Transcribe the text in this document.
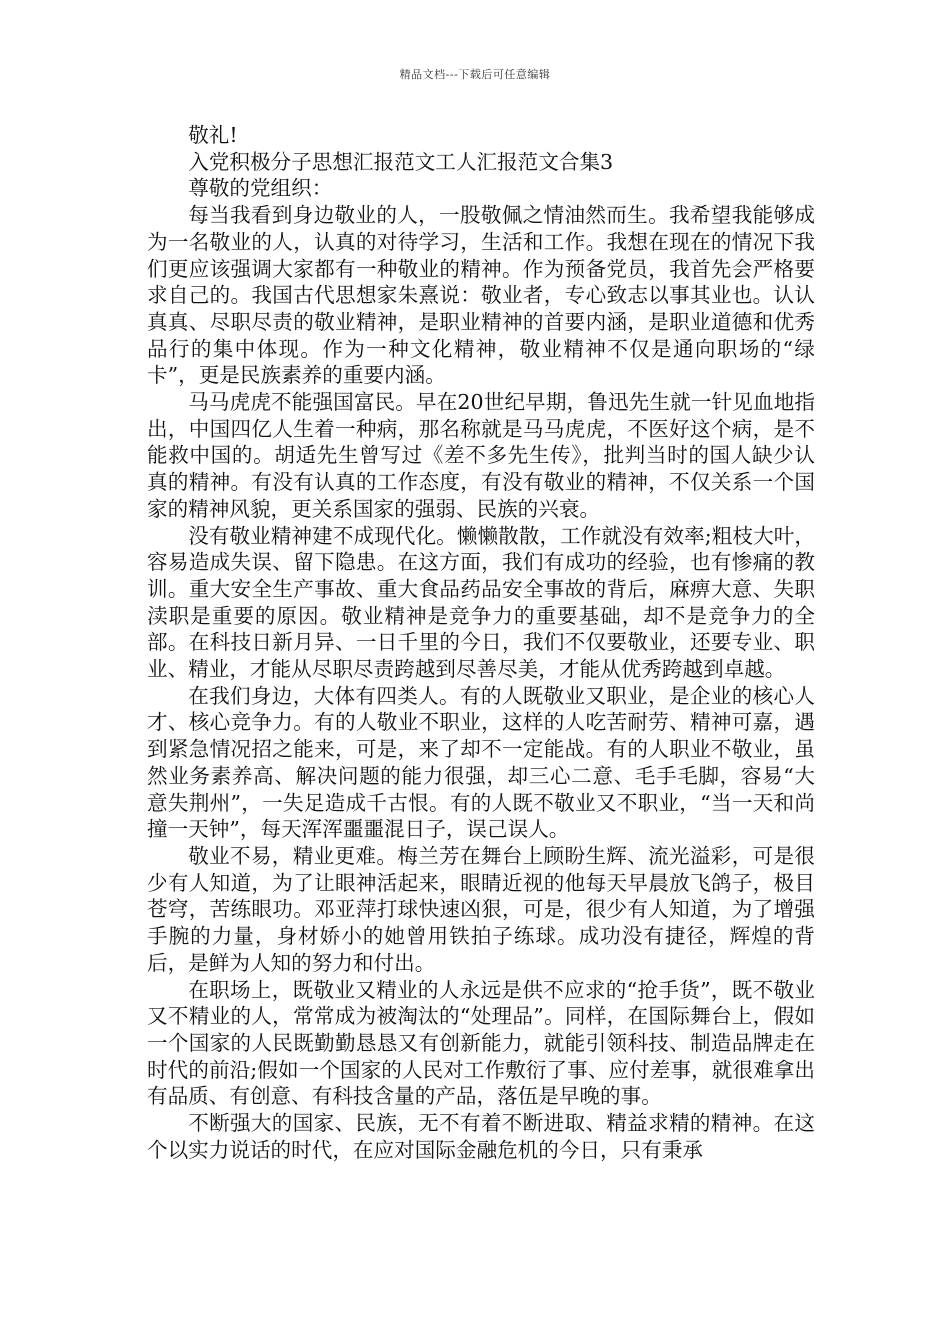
精品文档---下载后可任意编辑

敬礼!

入党积极分子思想汇报范文工人汇报范文合集3

尊敬的党组织：

每当我看到身边敬业的人，一股敬佩之情油然而生。我希望我能够成为一名敬业的人，认真的对待学习，生活和工作。我想在现在的情况下我们更应该强调大家都有一种敬业的精神。作为预备党员，我首先会严格要求自己的。我国古代思想家朱熹说：敬业者，专心致志以事其业也。认认真真、尽职尽责的敬业精神，是职业精神的首要内涵，是职业道德和优秀品行的集中体现。作为一种文化精神，敬业精神不仅是通向职场的“绿卡”，更是民族素养的重要内涵。

马马虎虎不能强国富民。早在20世纪早期，鲁迅先生就一针见血地指出，中国四亿人生着一种病，那名称就是马马虎虎，不医好这个病，是不能救中国的。胡适先生曾写过《差不多先生传》，批判当时的国人缺少认真的精神。有没有认真的工作态度，有没有敬业的精神，不仅关系一个国家的精神风貌，更关系国家的强弱、民族的兴衰。

没有敬业精神建不成现代化。懒懒散散，工作就没有效率;粗枝大叶，容易造成失误、留下隐患。在这方面，我们有成功的经验，也有惨痛的教训。重大安全生产事故、重大食品药品安全事故的背后，麻痹大意、失职渎职是重要的原因。敬业精神是竞争力的重要基础，却不是竞争力的全部。在科技日新月异、一日千里的今日，我们不仅要敬业，还要专业、职业、精业，才能从尽职尽责跨越到尽善尽美，才能从优秀跨越到卓越。

在我们身边，大体有四类人。有的人既敬业又职业，是企业的核心人才、核心竞争力。有的人敬业不职业，这样的人吃苦耐劳、精神可嘉，遇到紧急情况招之能来，可是，来了却不一定能战。有的人职业不敬业，虽然业务素养高、解决问题的能力很强，却三心二意、毛手毛脚，容易“大意失荆州”，一失足造成千古恨。有的人既不敬业又不职业，“当一天和尚撞一天钟”，每天浑浑噩噩混日子，误己误人。

敬业不易，精业更难。梅兰芳在舞台上顾盼生辉、流光溢彩，可是很少有人知道，为了让眼神活起来，眼睛近视的他每天早晨放飞鸽子，极目苍穹，苦练眼功。邓亚萍打球快速凶狠，可是，很少有人知道，为了增强手腕的力量，身材娇小的她曾用铁拍子练球。成功没有捷径，辉煌的背后，是鲜为人知的努力和付出。

在职场上，既敬业又精业的人永远是供不应求的“抢手货”，既不敬业又不精业的人，常常成为被淘汰的“处理品”。同样，在国际舞台上，假如一个国家的人民既勤勤恳恳又有创新能力，就能引领科技、制造品牌走在时代的前沿;假如一个国家的人民对工作敷衍了事、应付差事，就很难拿出有品质、有创意、有科技含量的产品，落伍是早晚的事。

不断强大的国家、民族，无不有着不断进取、精益求精的精神。在这个以实力说话的时代，在应对国际金融危机的今日，只有秉承
